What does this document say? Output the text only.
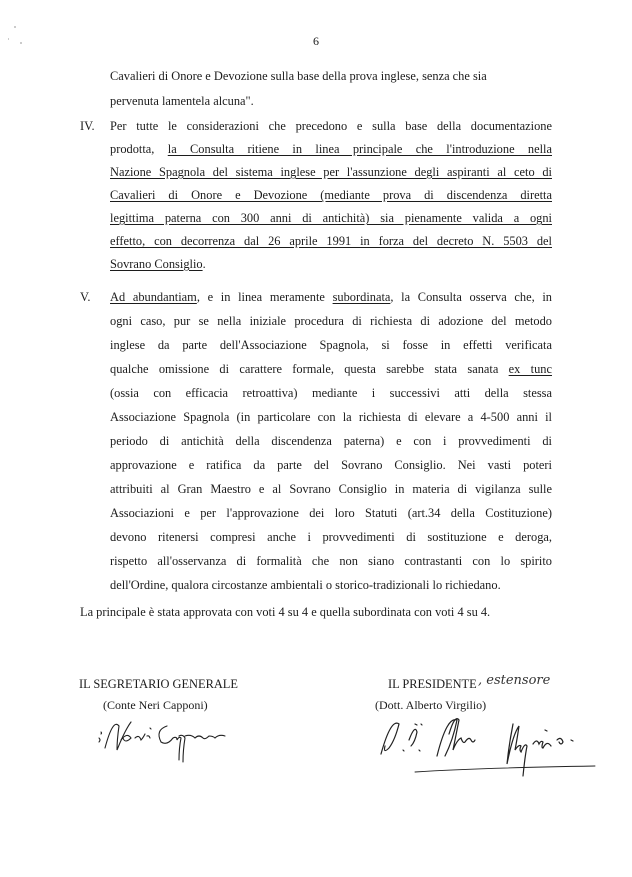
6
Cavalieri di Onore e Devozione sulla base della prova inglese, senza che sia
pervenuta lamentela alcuna".
IV. Per tutte le considerazioni che precedono e sulla base della documentazione
prodotta, la Consulta ritiene in linea principale che l'introduzione nella
Nazione Spagnola del sistema inglese per l'assunzione degli aspiranti al ceto di
Cavalieri di Onore e Devozione (mediante prova di discendenza diretta
legittima paterna con 300 anni di antichità) sia pienamente valida a ogni
effetto, con decorrenza dal 26 aprile 1991 in forza del decreto N. 5503 del
Sovrano Consiglio.
V. Ad abundantiam, e in linea meramente subordinata, la Consulta osserva che, in
ogni caso, pur se nella iniziale procedura di richiesta di adozione del metodo
inglese da parte dell'Associazione Spagnola, si fosse in effetti verificata
qualche omissione di carattere formale, questa sarebbe stata sanata ex tunc
(ossia con efficacia retroattiva) mediante i successivi atti della stessa
Associazione Spagnola (in particolare con la richiesta di elevare a 4-500 anni il
periodo di antichità della discendenza paterna) e con i provvedimenti di
approvazione e ratifica da parte del Sovrano Consiglio. Nei vasti poteri
attribuiti al Gran Maestro e al Sovrano Consiglio in materia di vigilanza sulle
Associazioni e per l'approvazione dei loro Statuti (art.34 della Costituzione)
devono ritenersi compresi anche i provvedimenti di sostituzione e deroga,
rispetto all'osservanza di formalità che non siano contrastanti con lo spirito
dell'Ordine, qualora circostanze ambientali o storico-tradizionali lo richiedano.
La principale è stata approvata con voti 4 su 4 e quella subordinata con voti 4 su 4.
IL SEGRETARIO GENERALE
(Conte Neri Capponi)
IL PRESIDENTE , estensore
(Dott. Alberto Virgilio)
